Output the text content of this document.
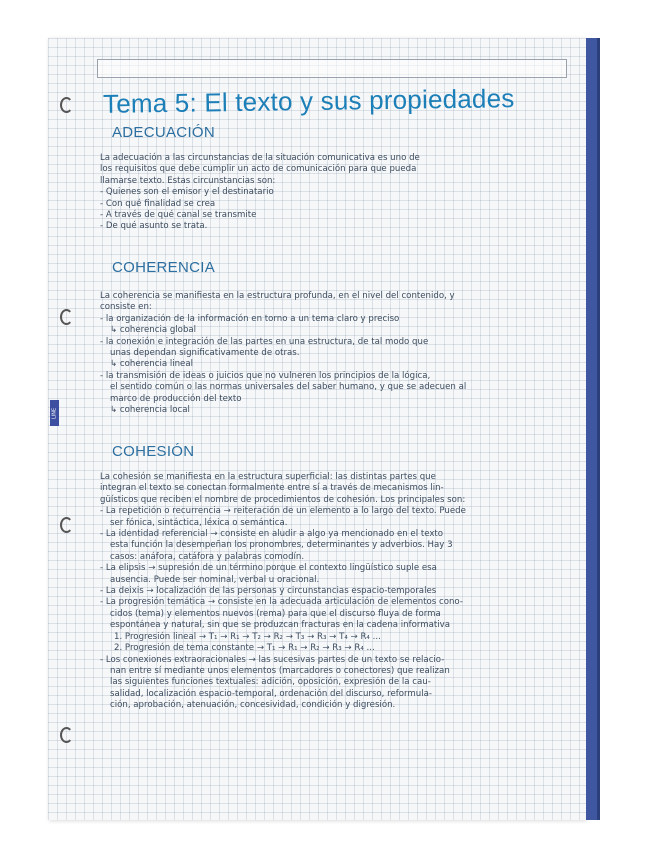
LINE
Tema 5: El texto y sus propiedades
ADECUACIÓN
La adecuación a las circunstancias de la situación comunicativa es uno de
los requisitos que debe cumplir un acto de comunicación para que pueda
llamarse texto. Estas circunstancias son:
- Quienes son el emisor y el destinatario
- Con qué finalidad se crea
- A través de qué canal se transmite
- De qué asunto se trata.
COHERENCIA
La coherencia se manifiesta en la estructura profunda, en el nivel del contenido, y
consiste en:
- la organización de la información en torno a un tema claro y preciso
↳ coherencia global
- la conexión e integración de las partes en una estructura, de tal modo que
unas dependan significativamente de otras.
↳ coherencia lineal
- la transmisión de ideas o juicios que no vulneren los principios de la lógica,
el sentido común o las normas universales del saber humano, y que se adecuen al
marco de producción del texto
↳ coherencia local
COHESIÓN
La cohesión se manifiesta en la estructura superficial: las distintas partes que
integran el texto se conectan formalmente entre sí a través de mecanismos lin-
güísticos que reciben el nombre de procedimientos de cohesión. Los principales son:
- La repetición o recurrencia → reiteración de un elemento a lo largo del texto. Puede
ser fónica, sintáctica, léxica o semántica.
- La identidad referencial → consiste en aludir a algo ya mencionado en el texto
esta función la desempeñan los pronombres, determinantes y adverbios. Hay 3
casos: anáfora, catáfora y palabras comodín.
- La elipsis → supresión de un término porque el contexto lingüístico suple esa
ausencia. Puede ser nominal, verbal u oracional.
- La deixis → localización de las personas y circunstancias espacio-temporales
- La progresión temática → consiste en la adecuada articulación de elementos cono-
cidos (tema) y elementos nuevos (rema) para que el discurso fluya de forma
espontánea y natural, sin que se produzcan fracturas en la cadena informativa
1. Progresión lineal → T₁ → R₁ → T₂ → R₂ → T₃ → R₃ → T₄ → R₄ ...
2. Progresión de tema constante → T₁ → R₁ → R₂ → R₃ → R₄ ...
- Los conexiones extraoracionales → las sucesivas partes de un texto se relacio-
nan entre sí mediante unos elementos (marcadores o conectores) que realizan
las siguientes funciones textuales: adición, oposición, expresión de la cau-
salidad, localización espacio-temporal, ordenación del discurso, reformula-
ción, aprobación, atenuación, concesividad, condición y digresión.
